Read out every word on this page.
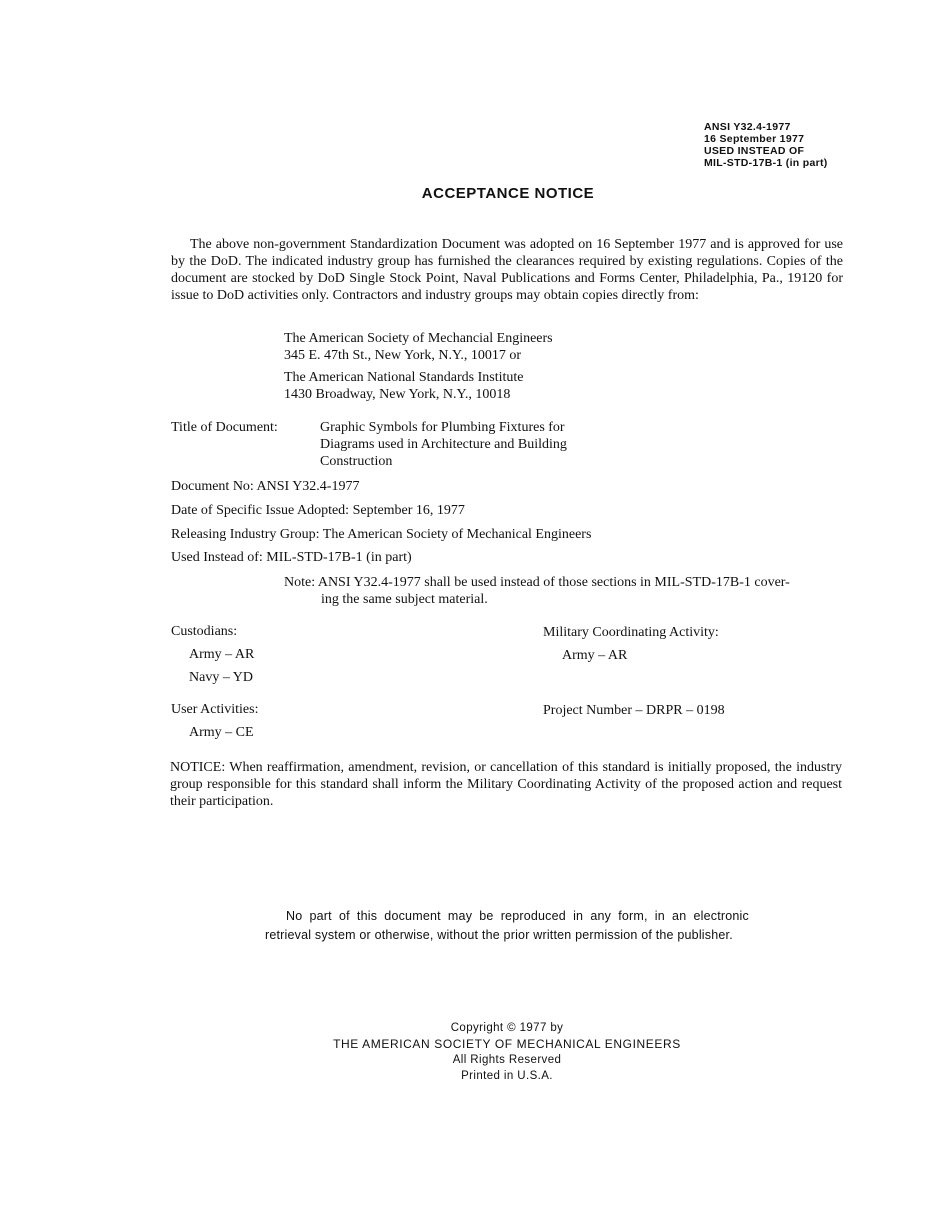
ANSI Y32.4-1977
16 September 1977
USED INSTEAD OF
MIL-STD-17B-1 (in part)
ACCEPTANCE NOTICE

The above non-government Standardization Document was adopted on 16 September 1977 and is approved for use by the DoD. The indicated industry group has furnished the clearances required by existing regulations. Copies of the document are stocked by DoD Single Stock Point, Naval Publications and Forms Center, Philadelphia, Pa., 19120 for issue to DoD activities only. Contractors and industry groups may obtain copies directly from:

The American Society of Mechancial Engineers
345 E. 47th St., New York, N.Y., 10017 or
The American National Standards Institute
1430 Broadway, New York, N.Y., 10018
Title of Document:	Graphic Symbols for Plumbing Fixtures for Diagrams used in Architecture and Building Construction
Document No: ANSI Y32.4-1977
Date of Specific Issue Adopted: September 16, 1977
Releasing Industry Group: The American Society of Mechanical Engineers
Used Instead of: MIL-STD-17B-1 (in part)
Note: ANSI Y32.4-1977 shall be used instead of those sections in MIL-STD-17B-1 cover-
ing the same subject material.
Custodians:
Army – AR
Navy – YD
User Activities:
Army – CE
Military Coordinating Activity:
Army – AR
Project Number – DRPR – 0198

NOTICE: When reaffirmation, amendment, revision, or cancellation of this standard is initially proposed, the industry group responsible for this standard shall inform the Military Coordinating Activity of the proposed action and request their participation.

No part of this document may be reproduced in any form, in an electronic retrieval system or otherwise, without the prior written permission of the publisher.

Copyright © 1977 by
THE AMERICAN SOCIETY OF MECHANICAL ENGINEERS
All Rights Reserved
Printed in U.S.A.
